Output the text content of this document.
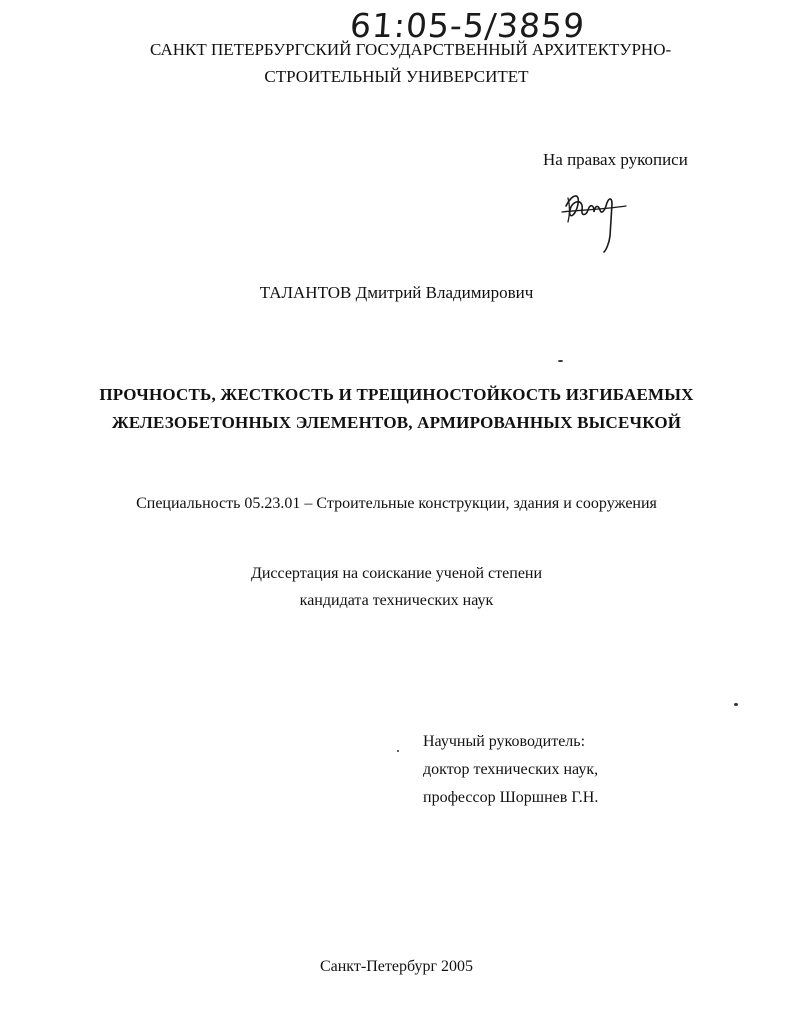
61:05-5/3859
САНКТ ПЕТЕРБУРГСКИЙ ГОСУДАРСТВЕННЫЙ АРХИТЕКТУРНО-
СТРОИТЕЛЬНЫЙ УНИВЕРСИТЕТ
На правах рукописи
ТАЛАНТОВ Дмитрий Владимирович
ПРОЧНОСТЬ, ЖЕСТКОСТЬ И ТРЕЩИНОСТОЙКОСТЬ ИЗГИБАЕМЫХ
ЖЕЛЕЗОБЕТОННЫХ ЭЛЕМЕНТОВ, АРМИРОВАННЫХ ВЫСЕЧКОЙ
Специальность 05.23.01 – Строительные конструкции, здания и сооружения
Диссертация на соискание ученой степени
кандидата технических наук
Научный руководитель:
доктор технических наук,
профессор Шоршнев Г.Н.
Санкт-Петербург 2005
